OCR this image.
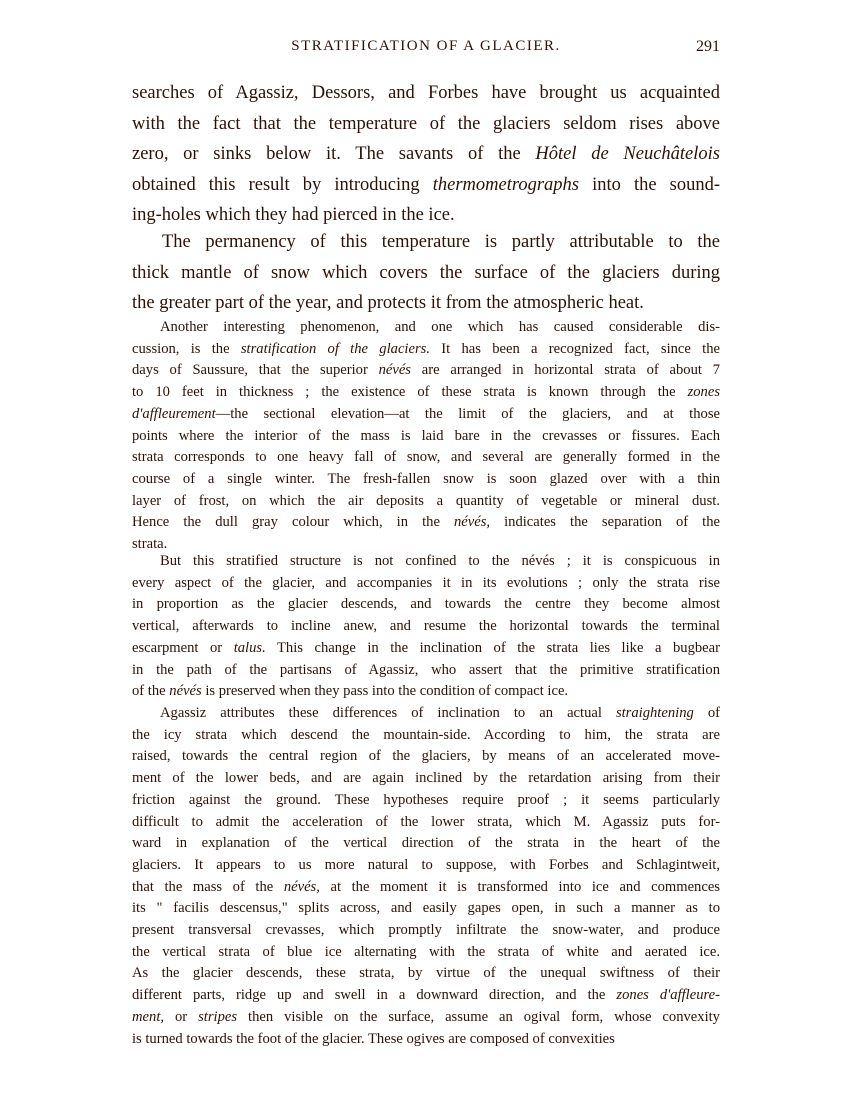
STRATIFICATION OF A GLACIER.	291
searches of Agassiz, Dessors, and Forbes have brought us acquainted
with the fact that the temperature of the glaciers seldom rises above
zero, or sinks below it. The savants of the Hôtel de Neuchâtelois
obtained this result by introducing thermometrographs into the sound-
ing-holes which they had pierced in the ice.
The permanency of this temperature is partly attributable to the
thick mantle of snow which covers the surface of the glaciers during
the greater part of the year, and protects it from the atmospheric heat.
Another interesting phenomenon, and one which has caused considerable dis-
cussion, is the stratification of the glaciers. It has been a recognized fact, since the
days of Saussure, that the superior névés are arranged in horizontal strata of about 7
to 10 feet in thickness ; the existence of these strata is known through the zones
d'affleurement—the sectional elevation—at the limit of the glaciers, and at those
points where the interior of the mass is laid bare in the crevasses or fissures. Each
strata corresponds to one heavy fall of snow, and several are generally formed in the
course of a single winter. The fresh-fallen snow is soon glazed over with a thin
layer of frost, on which the air deposits a quantity of vegetable or mineral dust.
Hence the dull gray colour which, in the névés, indicates the separation of the
strata.
But this stratified structure is not confined to the névés ; it is conspicuous in
every aspect of the glacier, and accompanies it in its evolutions ; only the strata rise
in proportion as the glacier descends, and towards the centre they become almost
vertical, afterwards to incline anew, and resume the horizontal towards the terminal
escarpment or talus. This change in the inclination of the strata lies like a bugbear
in the path of the partisans of Agassiz, who assert that the primitive stratification
of the névés is preserved when they pass into the condition of compact ice.
Agassiz attributes these differences of inclination to an actual straightening of
the icy strata which descend the mountain-side. According to him, the strata are
raised, towards the central region of the glaciers, by means of an accelerated move-
ment of the lower beds, and are again inclined by the retardation arising from their
friction against the ground. These hypotheses require proof ; it seems particularly
difficult to admit the acceleration of the lower strata, which M. Agassiz puts for-
ward in explanation of the vertical direction of the strata in the heart of the
glaciers. It appears to us more natural to suppose, with Forbes and Schlagintweit,
that the mass of the névés, at the moment it is transformed into ice and commences
its " facilis descensus," splits across, and easily gapes open, in such a manner as to
present transversal crevasses, which promptly infiltrate the snow-water, and produce
the vertical strata of blue ice alternating with the strata of white and aerated ice.
As the glacier descends, these strata, by virtue of the unequal swiftness of their
different parts, ridge up and swell in a downward direction, and the zones d'affleure-
ment, or stripes then visible on the surface, assume an ogival form, whose convexity
is turned towards the foot of the glacier. These ogives are composed of convexities
